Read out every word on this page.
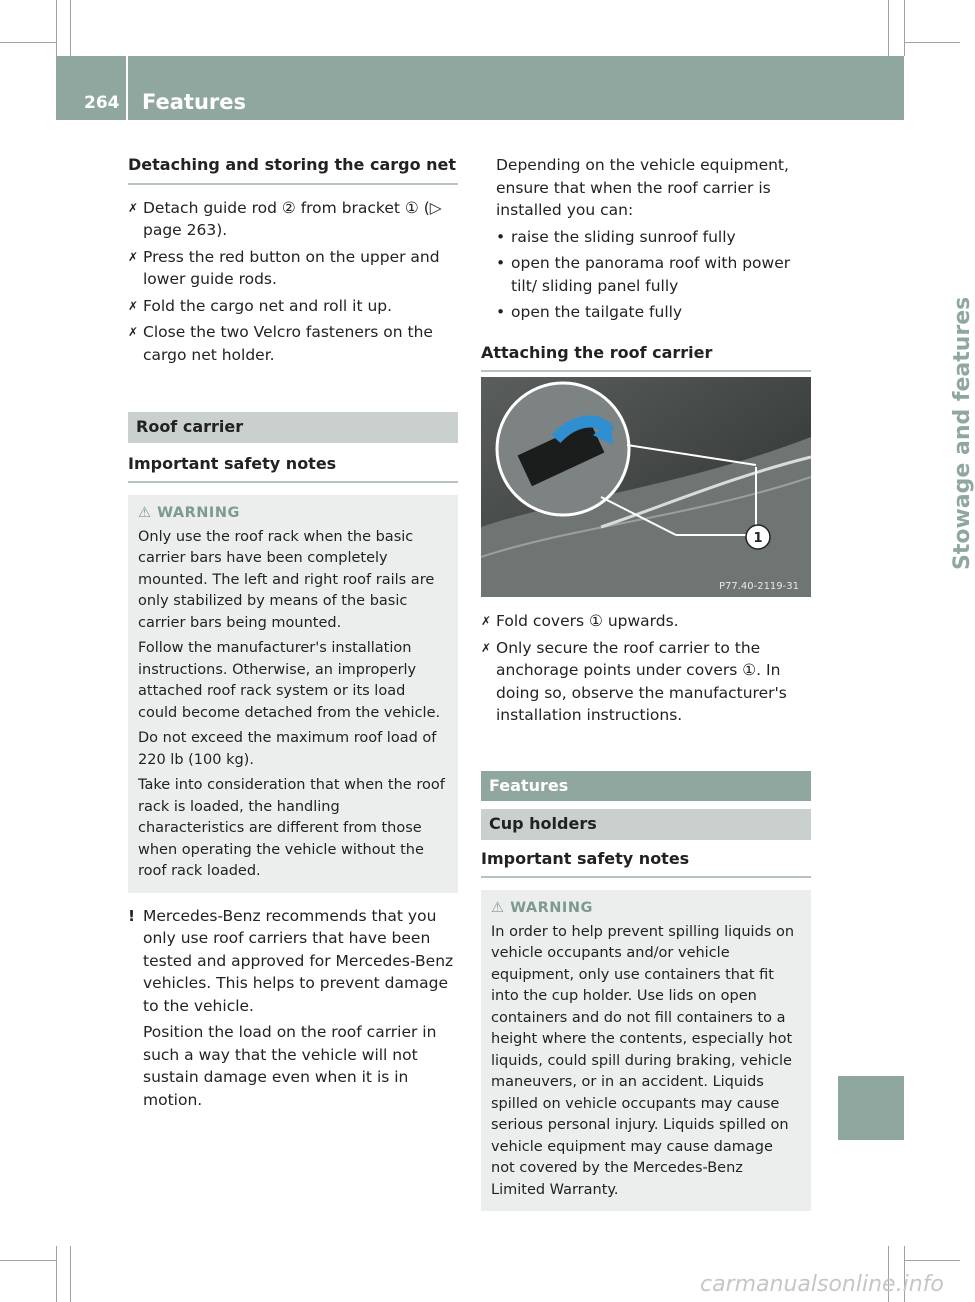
264 Features
Stowage and features
Detaching and storing the cargo net
✗ Detach guide rod ② from bracket ① (▷ page 263).
✗ Press the red button on the upper and lower guide rods.
✗ Fold the cargo net and roll it up.
✗ Close the two Velcro fasteners on the cargo net holder.
Roof carrier
Important safety notes
⚠ WARNING

Only use the roof rack when the basic carrier bars have been completely mounted. The left and right roof rails are only stabilized by means of the basic carrier bars being mounted.

Follow the manufacturer's installation instructions. Otherwise, an improperly attached roof rack system or its load could become detached from the vehicle.

Do not exceed the maximum roof load of 220 lb (100 kg).

Take into consideration that when the roof rack is loaded, the handling characteristics are different from those when operating the vehicle without the roof rack loaded.

! Mercedes-Benz recommends that you only use roof carriers that have been tested and approved for Mercedes-Benz vehicles. This helps to prevent damage to the vehicle.

Position the load on the roof carrier in such a way that the vehicle will not sustain damage even when it is in motion.

Depending on the vehicle equipment, ensure that when the roof carrier is installed you can:
• raise the sliding sunroof fully
• open the panorama roof with power tilt/ sliding panel fully
• open the tailgate fully
Attaching the roof carrier
1
P77.40-2119-31
✗ Fold covers ① upwards.
✗ Only secure the roof carrier to the anchorage points under covers ①. In doing so, observe the manufacturer's installation instructions.
Features
Cup holders
Important safety notes
⚠ WARNING

In order to help prevent spilling liquids on vehicle occupants and/or vehicle equipment, only use containers that fit into the cup holder. Use lids on open containers and do not fill containers to a height where the contents, especially hot liquids, could spill during braking, vehicle maneuvers, or in an accident. Liquids spilled on vehicle occupants may cause serious personal injury. Liquids spilled on vehicle equipment may cause damage not covered by the Mercedes-Benz Limited Warranty.

carmanualsonline.info
